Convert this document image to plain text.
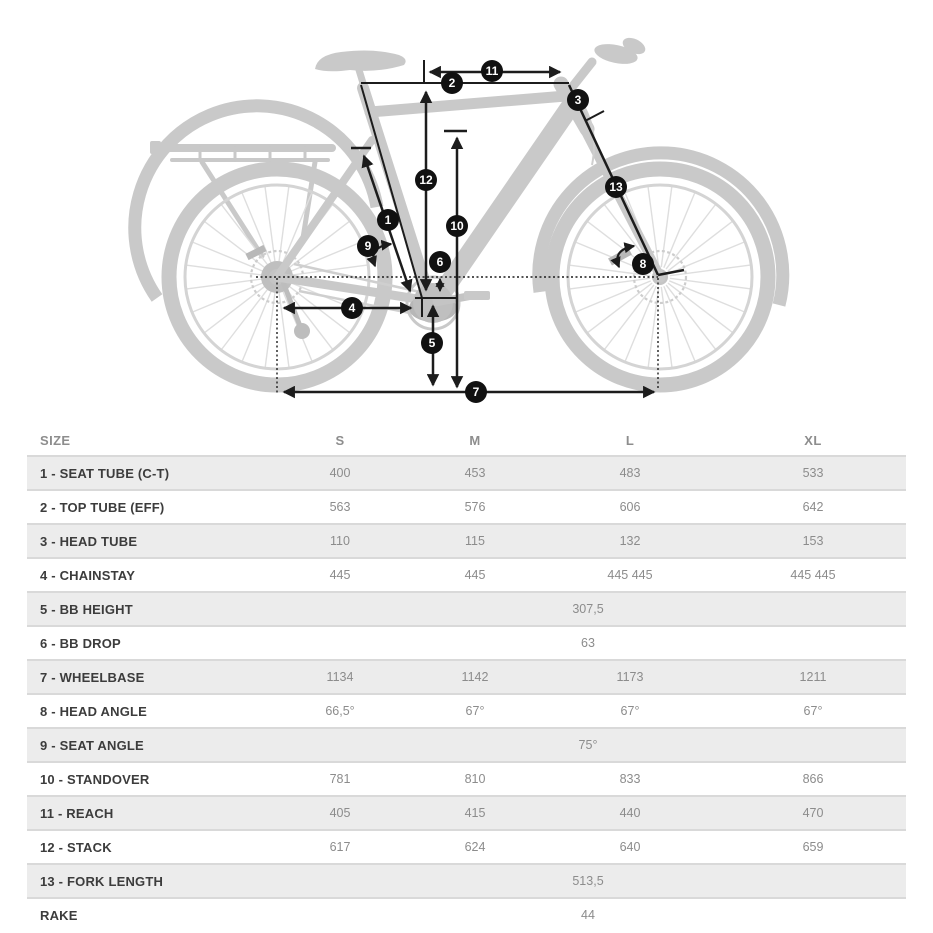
1
2
3
4
5
6
7
8
9
10
11
12	13
SIZE	S	M	L	XL
1 - SEAT TUBE (C-T)	400	453	483	533
2 - TOP TUBE (EFF)	563	576	606	642
3 - HEAD TUBE	110	115	132	153
4 - CHAINSTAY	445	445	445 445	445 445
5 - BB HEIGHT	307,5			
6 - BB DROP	63			
7 - WHEELBASE	1134	1142	1173	1211
8 - HEAD ANGLE	66,5°	67°	67°	67°
9 - SEAT ANGLE	75°			
10 - STANDOVER	781	810	833	866
11 - REACH	405	415	440	470
12 - STACK	617	624	640	659
13 - FORK LENGTH	513,5			
RAKE	44			
